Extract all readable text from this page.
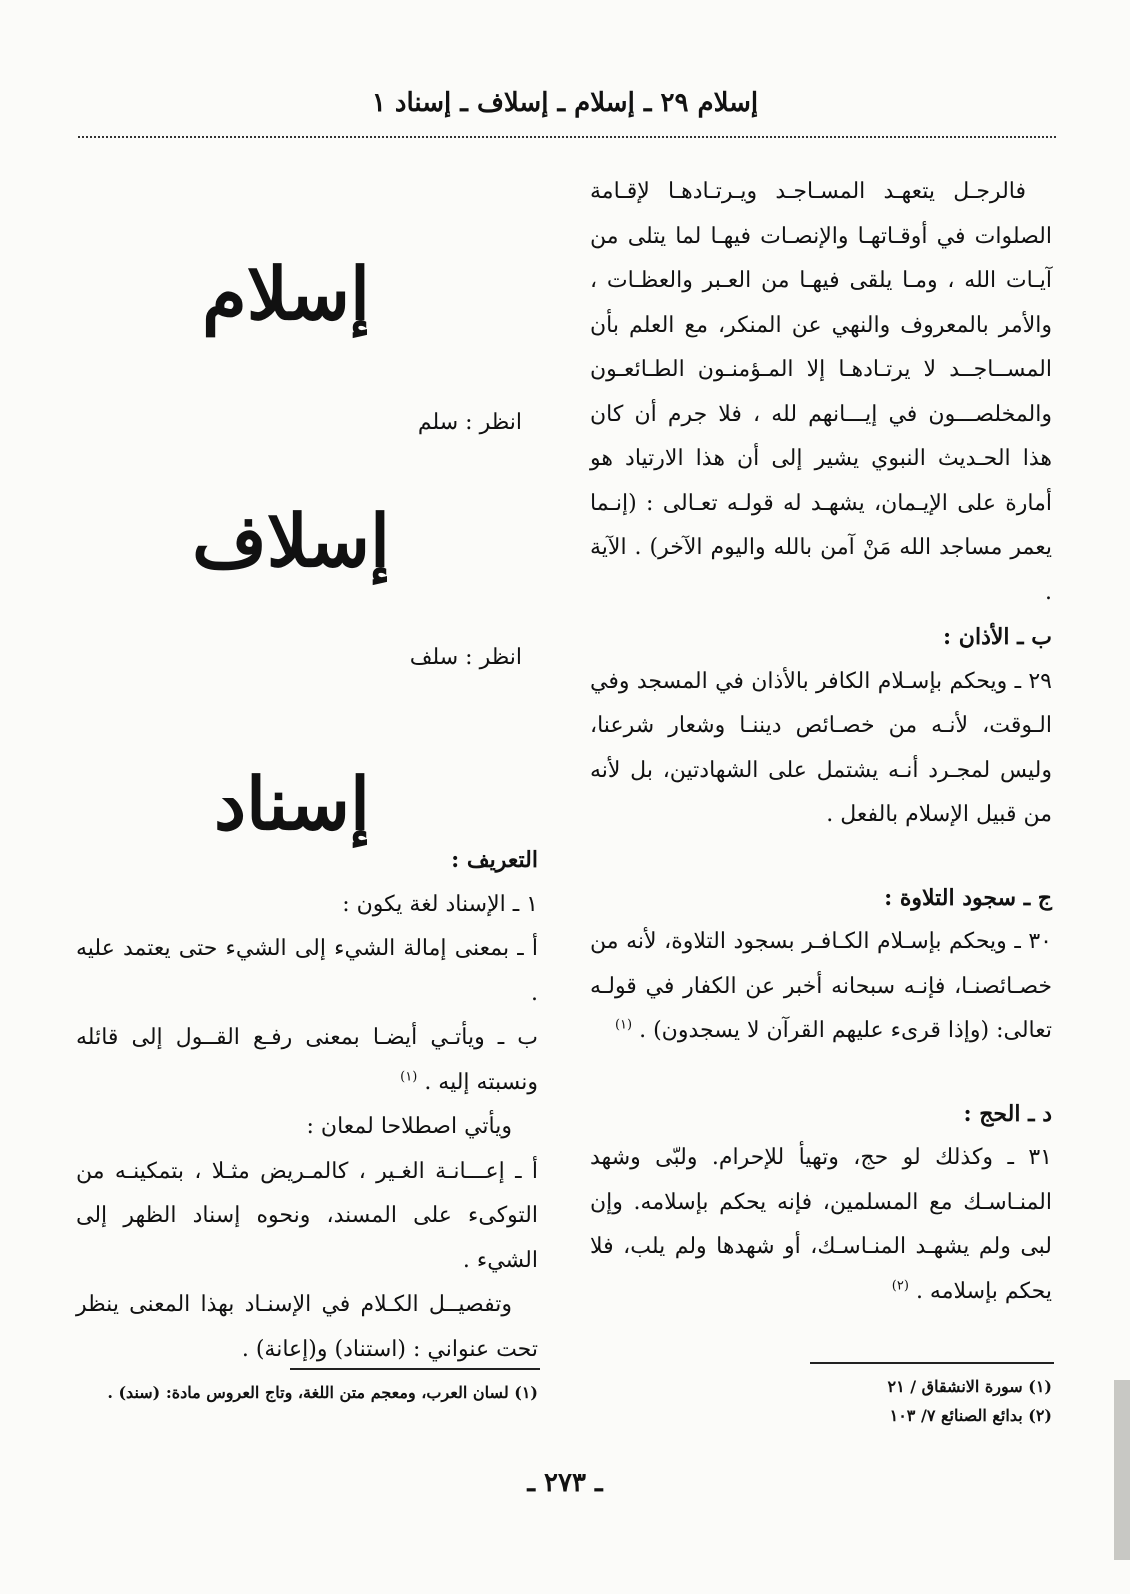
إسلام ٢٩ ـ إسلام ـ إسلاف ـ إسناد ١

فالرجـل يتعهـد المسـاجـد ويـرتـادهـا لإقـامة الصلوات في أوقـاتهـا والإنصـات فيهـا لما يتلى من آيـات الله ، ومـا يلقى فيهـا من العـبر والعظـات ، والأمر بالمعروف والنهي عن المنكر، مع العلم بأن المســاجــد لا يرتـادهـا إلا المـؤمنـون الطـائعـون والمخلصـــون في إيـــانهم لله ، فلا جرم أن كان هذا الحـديث النبوي يشير إلى أن هذا الارتياد هو أمارة على الإيـمان، يشهـد له قولـه تعـالى : (إنـما يعمر مساجد الله مَنْ آمن بالله واليوم الآخر) . الآية .

ب ـ الأذان :

٢٩ ـ ويحكم بإسـلام الكافر بالأذان في المسجد وفي الـوقت، لأنـه من خصـائص ديننـا وشعار شرعنا، وليس لمجـرد أنـه يشتمل على الشهادتين، بل لأنه من قبيل الإسلام بالفعل .

ج ـ سجود التلاوة :

٣٠ ـ ويحكم بإسـلام الكـافـر بسجود التلاوة، لأنه من خصـائصنـا، فإنـه سبحانه أخبر عن الكفار في قولـه تعالى: (وإذا قرىء عليهم القرآن لا يسجدون) . $^{(١)}$

د ـ الحج :

٣١ ـ وكذلك لو حج، وتهيأ للإحرام. ولبّى وشهد المنـاسـك مع المسلمين، فإنه يحكم بإسلامه. وإن لبى ولم يشهـد المنـاسـك، أو شهدها ولم يلب، فلا يحكم بإسلامه . $^{(٢)}$

إسلام
انظر : سلم
إسلاف
انظر : سلف
إسناد

التعريف :

١ ـ الإسناد لغة يكون :

أ ـ بمعنى إمالة الشيء إلى الشيء حتى يعتمد عليه .

ب ـ ويأتـي أيضـا بمعنى رفـع القــول إلى قائله ونسبته إليه . $^{(١)}$

ويأتي اصطلاحا لمعان :

أ ـ إعـــانـة الغـير ، كالمـريض مثـلا ، بتمكينـه من التوكىء على المسند، ونحوه إسناد الظهر إلى الشيء .

وتفصيــل الكـلام في الإسنـاد بهذا المعنى ينظر تحت عنواني : (استناد) و(إعانة) .

(١) لسان العرب، ومعجم متن اللغة، وتاج العروس مادة: (سند) .	(١) سورة الانشقاق / ٢١

(٢) بدائع الصنائع ٧/ ١٠٣

ـ ٢٧٣ ـ
